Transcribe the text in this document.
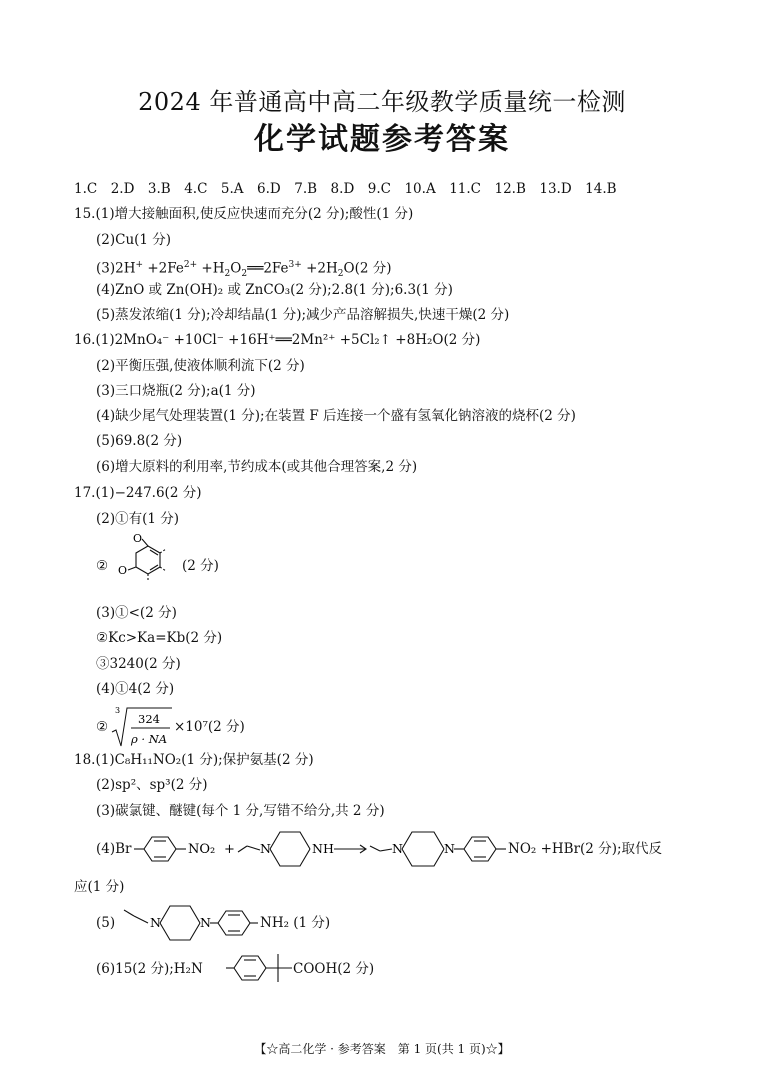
2024 年普通高中高二年级教学质量统一检测
化学试题参考答案
1.C　2.D　3.B　4.C　5.A　6.D　7.B　8.D　9.C　10.A　11.C　12.B　13.D　14.B
15.(1)增大接触面积,使反应快速而充分(2 分);酸性(1 分)
(2)Cu(1 分)
$(3)2H^+ +2Fe^{2+}$ $+H_2O_2══2Fe^{3+} +2H_2O(2$ 分)
(4)ZnO 或 Zn(OH)₂ 或 ZnCO₃(2 分);2.8(1 分);6.3(1 分)
(5)蒸发浓缩(1 分);冷却结晶(1 分);减少产品溶解损失,快速干燥(2 分)
16.(1)2MnO₄⁻ +10Cl⁻ +16H⁺══2Mn²⁺ +5Cl₂↑ +8H₂O(2 分)
(2)平衡压强,使液体顺利流下(2 分)
(3)三口烧瓶(2 分);a(1 分)
(4)缺少尾气处理装置(1 分);在装置 F 后连接一个盛有氢氧化钠溶液的烧杯(2 分)
(5)69.8(2 分)
(6)增大原料的利用率,节约成本(或其他合理答案,2 分)
17.(1)−247.6(2 分)
(2)①有(1 分)
②
O
O	(2 分)
(3)①<(2 分)
②Kc>Ka=Kb(2 分)
③3240(2 分)
(4)①4(2 分)
②
3
324
ρ · NA
×10⁷(2 分)
18.(1)C₈H₁₁NO₂(1 分);保护氨基(2 分)
(2)sp²、sp³(2 分)
(3)碳氯键、醚键(每个 1 分,写错不给分,共 2 分)
(4)Br	NO₂ + N	NH	N	N	NO₂ +HBr(2 分);取代反
应(1 分)
(5)	N	N	NH₂ (1 分)
(6)15(2 分);H₂N	COOH(2 分)
【☆高二化学 · 参考答案　第 1 页(共 1 页)☆】
